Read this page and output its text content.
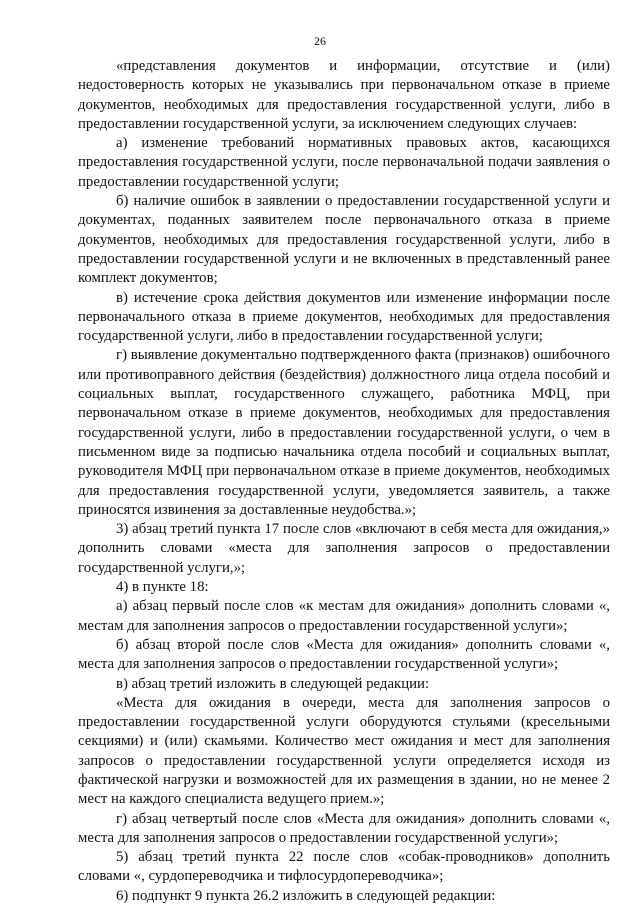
26

«представления документов и информации, отсутствие и (или) недостоверность которых не указывались при первоначальном отказе в приеме документов, необходимых для предоставления государственной услуги, либо в предоставлении государственной услуги, за исключением следующих случаев:

а) изменение требований нормативных правовых актов, касающихся предоставления государственной услуги, после первоначальной подачи заявления о предоставлении государственной услуги;

б) наличие ошибок в заявлении о предоставлении государственной услуги и документах, поданных заявителем после первоначального отказа в приеме документов, необходимых для предоставления государственной услуги, либо в предоставлении государственной услуги и не включенных в представленный ранее комплект документов;

в) истечение срока действия документов или изменение информации после первоначального отказа в приеме документов, необходимых для предоставления государственной услуги, либо в предоставлении государственной услуги;

г) выявление документально подтвержденного факта (признаков) ошибочного или противоправного действия (бездействия) должностного лица отдела пособий и социальных выплат, государственного служащего, работника МФЦ, при первоначальном отказе в приеме документов, необходимых для предоставления государственной услуги, либо в предоставлении государственной услуги, о чем в письменном виде за подписью начальника отдела пособий и социальных выплат, руководителя МФЦ при первоначальном отказе в приеме документов, необходимых для предоставления государственной услуги, уведомляется заявитель, а также приносятся извинения за доставленные неудобства.»;

3) абзац третий пункта 17 после слов «включают в себя места для ожидания,» дополнить словами «места для заполнения запросов о предоставлении государственной услуги,»;

4) в пункте 18:

а) абзац первый после слов «к местам для ожидания» дополнить словами «, местам для заполнения запросов о предоставлении государственной услуги»;

б) абзац второй после слов «Места для ожидания» дополнить словами «, места для заполнения запросов о предоставлении государственной услуги»;

в) абзац третий изложить в следующей редакции:

«Места для ожидания в очереди, места для заполнения запросов о предоставлении государственной услуги оборудуются стульями (кресельными секциями) и (или) скамьями. Количество мест ожидания и мест для заполнения запросов о предоставлении государственной услуги определяется исходя из фактической нагрузки и возможностей для их размещения в здании, но не менее 2 мест на каждого специалиста ведущего прием.»;

г) абзац четвертый после слов «Места для ожидания» дополнить словами «, места для заполнения запросов о предоставлении государственной услуги»;

5) абзац третий пункта 22 после слов «собак-проводников» дополнить словами «, сурдопереводчика и тифлосурдопереводчика»;

6) подпункт 9 пункта 26.2 изложить в следующей редакции:
